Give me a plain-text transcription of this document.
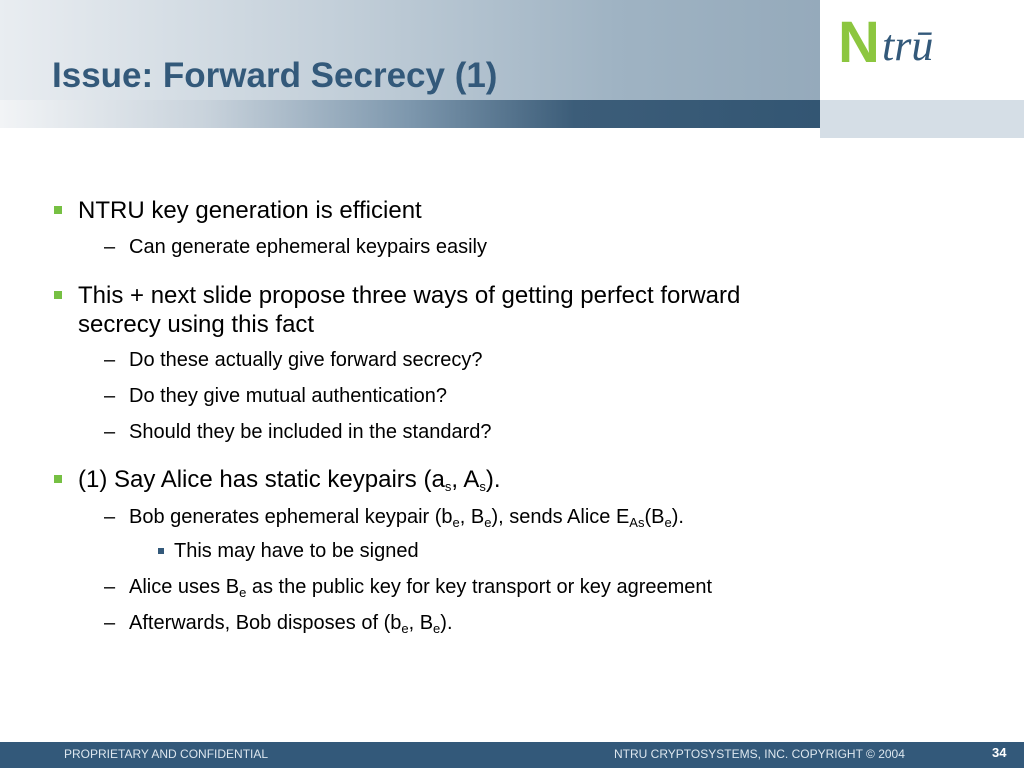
N trū
Issue: Forward Secrecy (1)
NTRU key generation is efficient
– Can generate ephemeral keypairs easily
This + next slide propose three ways of getting perfect forward
secrecy using this fact
– Do these actually give forward secrecy?
– Do they give mutual authentication?
– Should they be included in the standard?
(1) Say Alice has static keypairs ($a_s$, $A_s$).
– Bob generates ephemeral keypair ($b_e$, $B_e$), sends Alice $E_{As}(B_e)$.
This may have to be signed
– Alice uses $B_e$ as the public key for key transport or key agreement
– Afterwards, Bob disposes of ($b_e$, $B_e$).
PROPRIETARY AND CONFIDENTIAL	NTRU CRYPTOSYSTEMS, INC. COPYRIGHT © 2004	34
